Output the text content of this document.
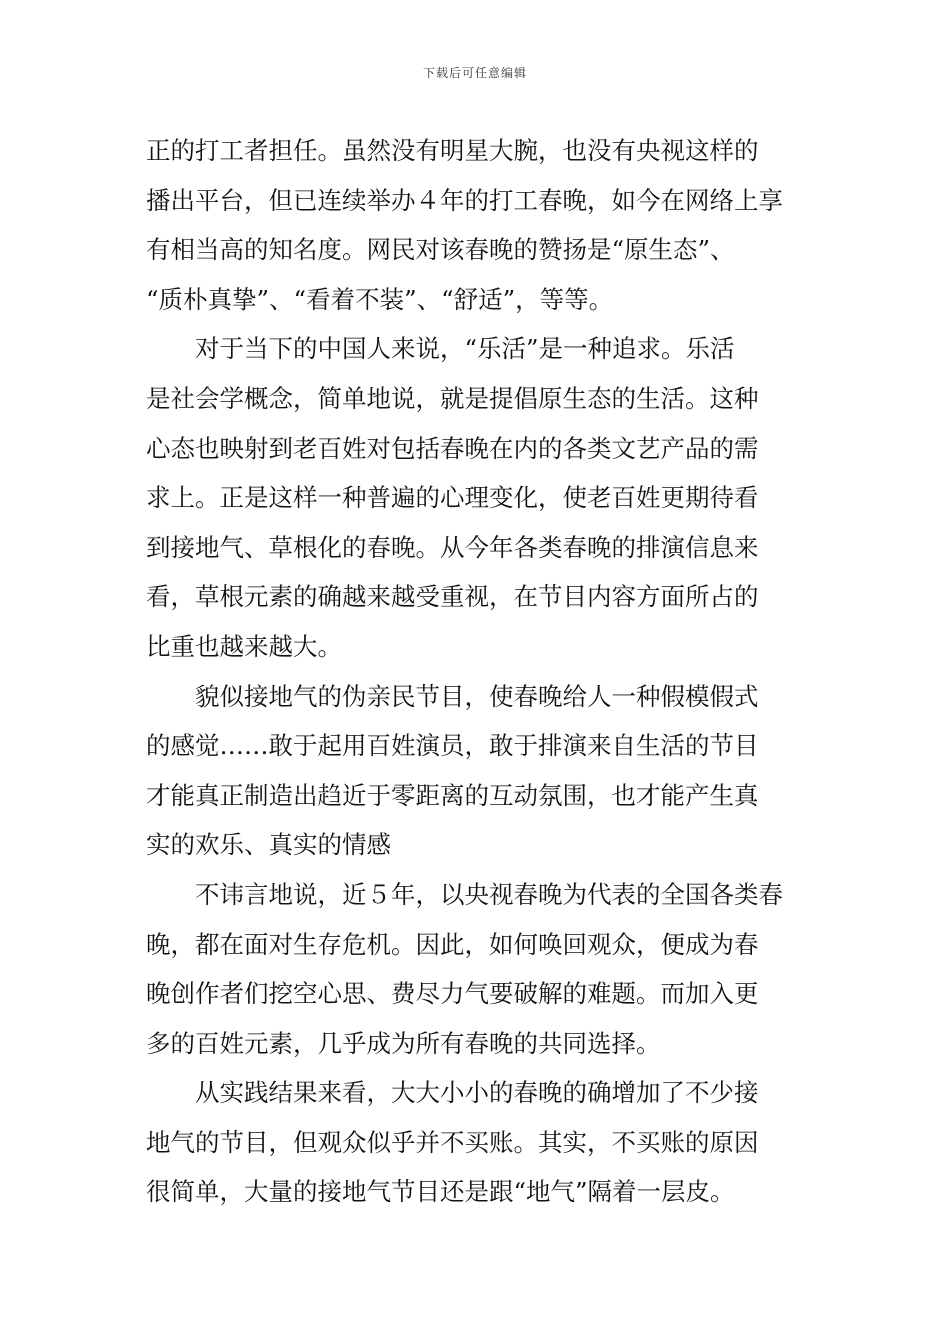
下载后可任意编辑
正的打工者担任。虽然没有明星大腕，也没有央视这样的
播出平台，但已连续举办４年的打工春晚，如今在网络上享
有相当高的知名度。网民对该春晚的赞扬是“原生态”、
“质朴真挚”、“看着不装”、“舒适”，等等。
对于当下的中国人来说，“乐活”是一种追求。乐活
是社会学概念，简单地说，就是提倡原生态的生活。这种
心态也映射到老百姓对包括春晚在内的各类文艺产品的需
求上。正是这样一种普遍的心理变化，使老百姓更期待看
到接地气、草根化的春晚。从今年各类春晚的排演信息来
看，草根元素的确越来越受重视，在节目内容方面所占的
比重也越来越大。
貌似接地气的伪亲民节目，使春晚给人一种假模假式
的感觉……敢于起用百姓演员，敢于排演来自生活的节目
才能真正制造出趋近于零距离的互动氛围，也才能产生真
实的欢乐、真实的情感
不讳言地说，近５年，以央视春晚为代表的全国各类春
晚，都在面对生存危机。因此，如何唤回观众，便成为春
晚创作者们挖空心思、费尽力气要破解的难题。而加入更
多的百姓元素，几乎成为所有春晚的共同选择。
从实践结果来看，大大小小的春晚的确增加了不少接
地气的节目，但观众似乎并不买账。其实，不买账的原因
很简单，大量的接地气节目还是跟“地气”隔着一层皮。
